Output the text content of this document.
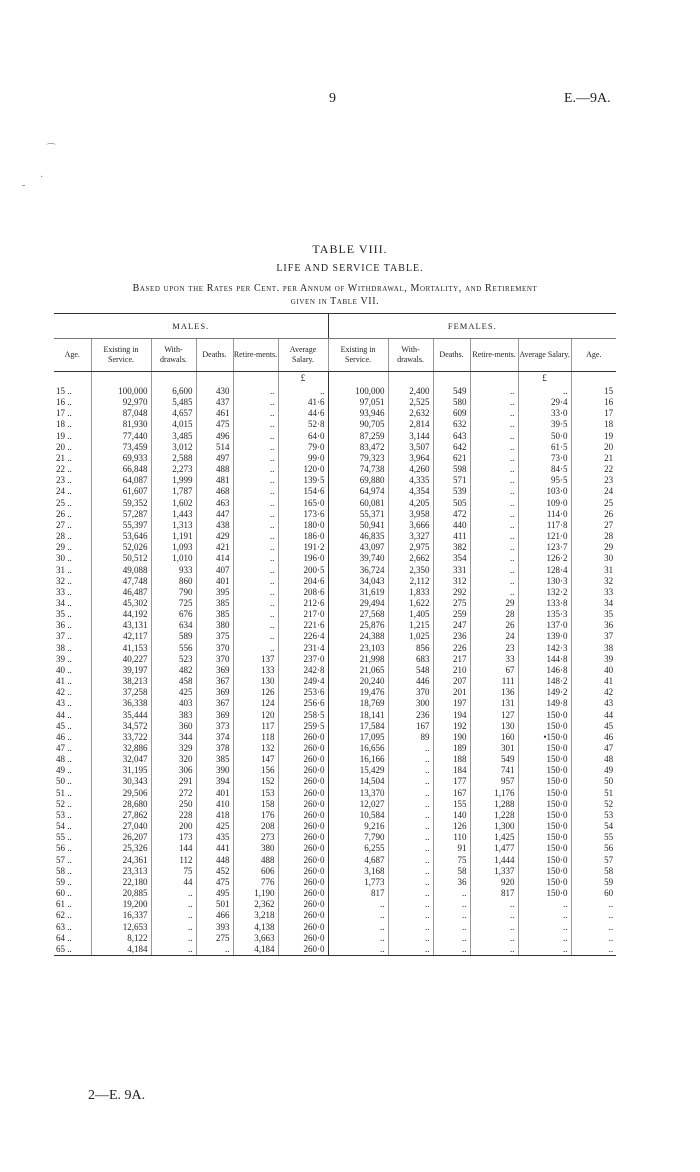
9	E.—9A.
⌒
-
·
TABLE VIII.
LIFE AND SERVICE TABLE.
Based upon the Rates per Cent. per Annum of Withdrawal, Mortality, and Retirement
given in Table VII.
MALES.						FEMALES.					
Age.	Existing in Service.	With-drawals.	Deaths.	Retire-ments.	Average Salary.	Existing in Service.	With-drawals.	Deaths.	Retire-ments.	Average Salary.	Age.
					£					£	
15 ..	100,000	6,600	430	..	..	100,000	2,400	549	..	..	15
16 ..	92,970	5,485	437	..	41·6	97,051	2,525	580	..	29·4	16
17 ..	87,048	4,657	461	..	44·6	93,946	2,632	609	..	33·0	17
18 ..	81,930	4,015	475	..	52·8	90,705	2,814	632	..	39·5	18
19 ..	77,440	3,485	496	..	64·0	87,259	3,144	643	..	50·0	19
20 ..	73,459	3,012	514	..	79·0	83,472	3,507	642	..	61·5	20
21 ..	69,933	2,588	497	..	99·0	79,323	3,964	621	..	73·0	21
22 ..	66,848	2,273	488	..	120·0	74,738	4,260	598	..	84·5	22
23 ..	64,087	1,999	481	..	139·5	69,880	4,335	571	..	95·5	23
24 ..	61,607	1,787	468	..	154·6	64,974	4,354	539	..	103·0	24
25 ..	59,352	1,602	463	..	165·0	60,081	4,205	505	..	109·0	25
26 ..	57,287	1,443	447	..	173·6	55,371	3,958	472	..	114·0	26
27 ..	55,397	1,313	438	..	180·0	50,941	3,666	440	..	117·8	27
28 ..	53,646	1,191	429	..	186·0	46,835	3,327	411	..	121·0	28
29 ..	52,026	1,093	421	..	191·2	43,097	2,975	382	..	123·7	29
30 ..	50,512	1,010	414	..	196·0	39,740	2,662	354	..	126·2	30
31 ..	49,088	933	407	..	200·5	36,724	2,350	331	..	128·4	31
32 ..	47,748	860	401	..	204·6	34,043	2,112	312	..	130·3	32
33 ..	46,487	790	395	..	208·6	31,619	1,833	292	..	132·2	33
34 ..	45,302	725	385	..	212·6	29,494	1,622	275	29	133·8	34
35 ..	44,192	676	385	..	217·0	27,568	1,405	259	28	135·3	35
36 ..	43,131	634	380	..	221·6	25,876	1,215	247	26	137·0	36
37 ..	42,117	589	375	..	226·4	24,388	1,025	236	24	139·0	37
38 ..	41,153	556	370	..	231·4	23,103	856	226	23	142·3	38
39 ..	40,227	523	370	137	237·0	21,998	683	217	33	144·8	39
40 ..	39,197	482	369	133	242·8	21,065	548	210	67	146·8	40
41 ..	38,213	458	367	130	249·4	20,240	446	207	111	148·2	41
42 ..	37,258	425	369	126	253·6	19,476	370	201	136	149·2	42
43 ..	36,338	403	367	124	256·6	18,769	300	197	131	149·8	43
44 ..	35,444	383	369	120	258·5	18,141	236	194	127	150·0	44
45 ..	34,572	360	373	117	259·5	17,584	167	192	130	150·0	45
46 ..	33,722	344	374	118	260·0	17,095	89	190	160	•150·0	46
47 ..	32,886	329	378	132	260·0	16,656	..	189	301	150·0	47
48 ..	32,047	320	385	147	260·0	16,166	..	188	549	150·0	48
49 ..	31,195	306	390	156	260·0	15,429	..	184	741	150·0	49
50 ..	30,343	291	394	152	260·0	14,504	..	177	957	150·0	50
51 ..	29,506	272	401	153	260·0	13,370	..	167	1,176	150·0	51
52 ..	28,680	250	410	158	260·0	12,027	..	155	1,288	150·0	52
53 ..	27,862	228	418	176	260·0	10,584	..	140	1,228	150·0	53
54 ..	27,040	200	425	208	260·0	9,216	..	126	1,300	150·0	54
55 ..	26,207	173	435	273	260·0	7,790	..	110	1,425	150·0	55
56 ..	25,326	144	441	380	260·0	6,255	..	91	1,477	150·0	56
57 ..	24,361	112	448	488	260·0	4,687	..	75	1,444	150·0	57
58 ..	23,313	75	452	606	260·0	3,168	..	58	1,337	150·0	58
59 ..	22,180	44	475	776	260·0	1,773	..	36	920	150·0	59
60 ..	20,885	..	495	1,190	260·0	817	..	..	817	150·0	60
61 ..	19,200	..	501	2,362	260·0	..	..	..	..	..	..
62 ..	16,337	..	466	3,218	260·0	..	..	..	..	..	..
63 ..	12,653	..	393	4,138	260·0	..	..	..	..	..	..
64 ..	8,122	..	275	3,663	260·0	..	..	..	..	..	..
65 ..	4,184	..	..	4,184	260·0	..	..	..	..	..	..
2—E. 9A.
